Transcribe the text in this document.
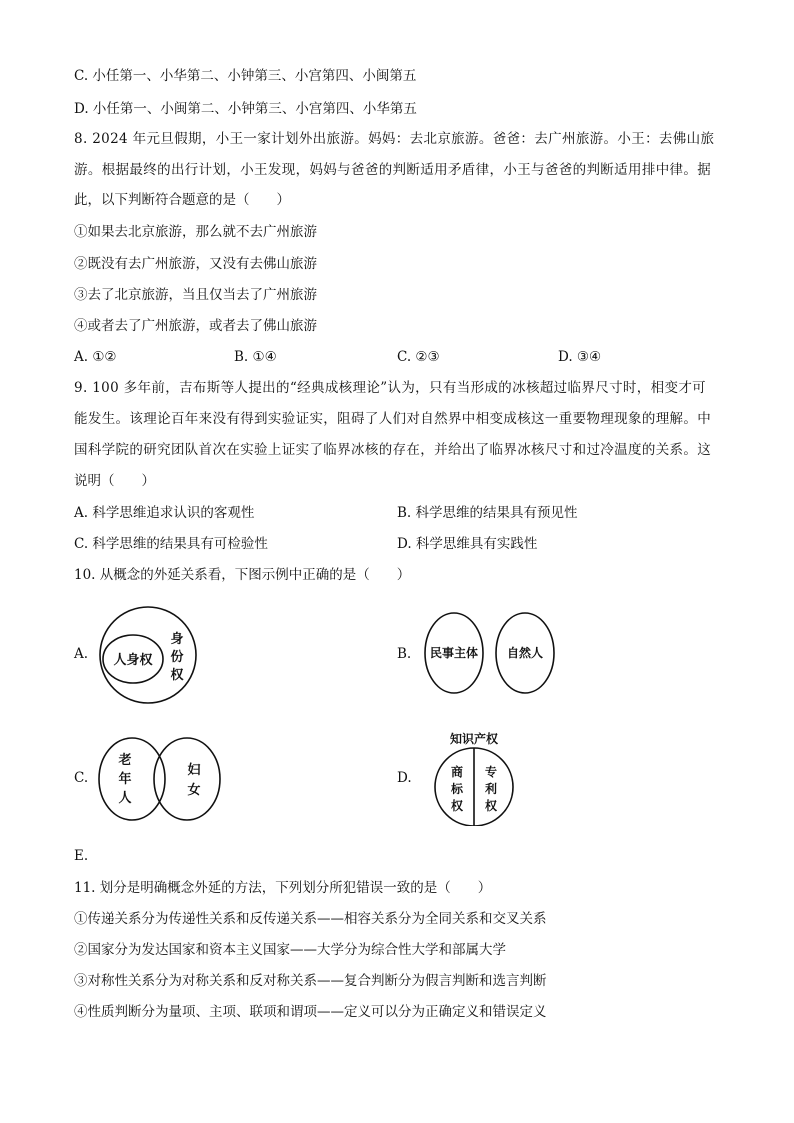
C. 小任第一、小华第二、小钟第三、小宫第四、小闽第五
D. 小任第一、小闽第二、小钟第三、小宫第四、小华第五
8. 2024 年元旦假期，小王一家计划外出旅游。妈妈：去北京旅游。爸爸：去广州旅游。小王：去佛山旅
游。根据最终的出行计划，小王发现，妈妈与爸爸的判断适用矛盾律，小王与爸爸的判断适用排中律。据
此，以下判断符合题意的是（　　）
①如果去北京旅游，那么就不去广州旅游
②既没有去广州旅游，又没有去佛山旅游
③去了北京旅游，当且仅当去了广州旅游
④或者去了广州旅游，或者去了佛山旅游
A. ①②	B. ①④	C. ②③	D. ③④
9. 100 多年前，吉布斯等人提出的“经典成核理论”认为，只有当形成的冰核超过临界尺寸时，相变才可
能发生。该理论百年来没有得到实验证实，阻碍了人们对自然界中相变成核这一重要物理现象的理解。中
国科学院的研究团队首次在实验上证实了临界冰核的存在，并给出了临界冰核尺寸和过冷温度的关系。这
说明（　　）
A. 科学思维追求认识的客观性	B. 科学思维的结果具有预见性
C. 科学思维的结果具有可检验性	D. 科学思维具有实践性
10. 从概念的外延关系看，下图示例中正确的是（　　）
A. 人身权
身
份
权
B. 民事主体 自然人
C.
老
年
人
妇
女
D.
知识产权
商
标
权
专
利
权
E.
11. 划分是明确概念外延的方法，下列划分所犯错误一致的是（　　）
①传递关系分为传递性关系和反传递关系——相容关系分为全同关系和交叉关系
②国家分为发达国家和资本主义国家——大学分为综合性大学和部属大学
③对称性关系分为对称关系和反对称关系——复合判断分为假言判断和选言判断
④性质判断分为量项、主项、联项和谓项——定义可以分为正确定义和错误定义
